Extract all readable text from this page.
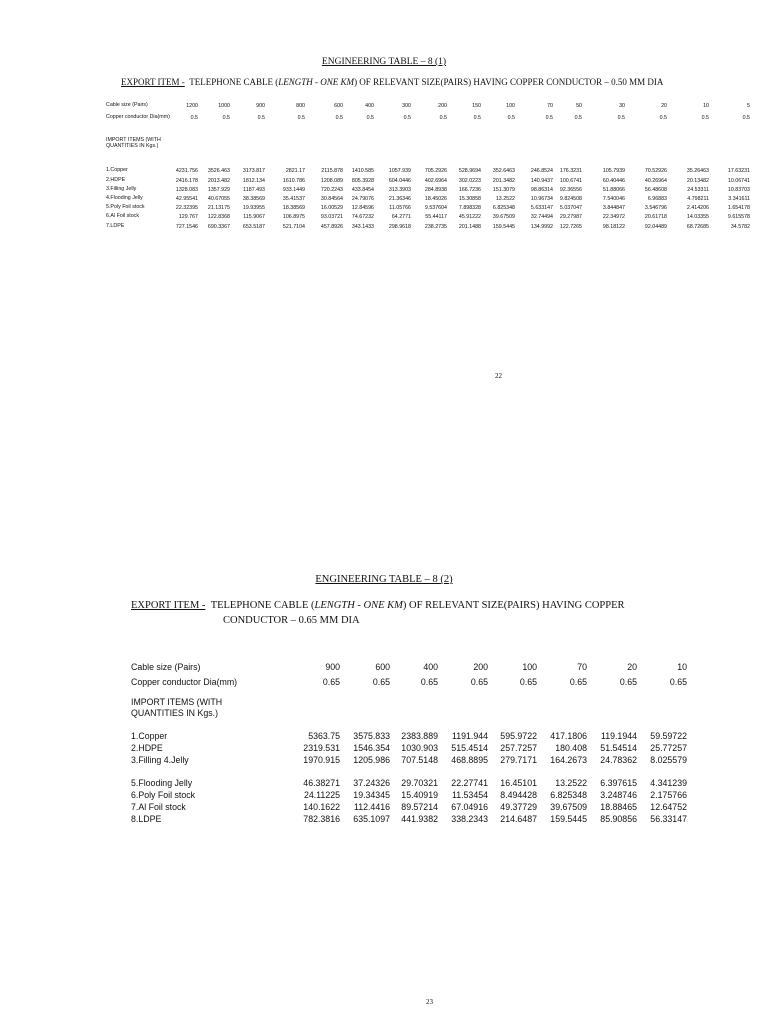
ENGINEERING TABLE – 8 (1)
EXPORT ITEM - TELEPHONE CABLE (LENGTH - ONE KM) OF RELEVANT SIZE(PAIRS) HAVING COPPER CONDUCTOR – 0.50 MM DIA
Cable size (Pairs)	1200	1000	900	800	600	400	300	200	150	100	70	50	30	20	10	5
Copper conductor Dia(mm)	0.5	0.5	0.5	0.5	0.5	0.5	0.5	0.5	0.5	0.5	0.5	0.5	0.5	0.5	0.5	0.5
IMPORT ITEMS (WITH QUANTITIES IN Kgs.)
1.Copper	4231.756	3526.463	3173.817	2821.17	2115.878	1410.585	1057.939	705.2926	528.9694	352.6463	246.8524	176.3231	105.7939	70.52926	35.26463	17.63231
2.HDPE	2416.178	2013.482	1812.134	1610.786	1208.089	805.3928	604.0446	402.6964	302.0223	201.3482	140.9437	100.6741	60.40446	40.26964	20.13482	10.06741
3.Filling Jelly	1328.083	1357.929	1187.493	933.1449	720.2243	433.8454	313.3903	284.8938	166.7236	151.3079	98.86314	92.36556	51.88066	56.48608	24.53311	10.83703
4.Flooding Jelly	42.95541	40.67055	38.38569	35.41537	30.84564	24.79076	21.36346	18.45026	15.30858	13.2522	10.96734	9.824508	7.540046	6.96883	4.798211	3.341611
5.Poly Foil stock	22.32395	21.13175	19.93955	18.38569	16.00529	12.84596	11.05766	9.537604	7.898328	6.825348	5.633147	5.037047	3.844847	3.546796	2.414206	1.654178
6.Al Foil stock	129.767	122.8368	115.9067	106.8975	93.03721	74.67232	64.2771	55.44117	45.91222	39.67509	32.74494	29.27987	22.34972	20.61718	14.03355	9.615578
7.LDPE	727.1546	690.3367	653.5187	521.7104	457.8926	343.1433	298.9618	238.2735	201.1488	159.5445	134.9992	122.7265	98.18122	92.04489	68.72685	34.5782
22
ENGINEERING TABLE – 8 (2)
EXPORT ITEM - TELEPHONE CABLE (LENGTH - ONE KM) OF RELEVANT SIZE(PAIRS) HAVING COPPER
CONDUCTOR – 0.65 MM DIA
Cable size (Pairs)	900	600	400	200	100	70	20	10
Copper conductor Dia(mm)	0.65	0.65	0.65	0.65	0.65	0.65	0.65	0.65
IMPORT ITEMS (WITH QUANTITIES IN Kgs.)
1.Copper	5363.75	3575.833	2383.889	1191.944	595.9722	417.1806	119.1944	59.59722
2.HDPE	2319.531	1546.354	1030.903	515.4514	257.7257	180.408	51.54514	25.77257
3.Filling 4.Jelly	1970.915	1205.986	707.5148	468.8895	279.7171	164.2673	24.78362	8.025579
5.Flooding Jelly	46.38271	37.24326	29.70321	22.27741	16.45101	13.2522	6.397615	4.341239
6.Poly Foil stock	24.11225	19.34345	15.40919	11.53454	8.494428	6.825348	3.248746	2.175766
7.Al Foil stock	140.1622	112.4416	89.57214	67.04916	49.37729	39.67509	18.88465	12.64752
8.LDPE	782.3816	635.1097	441.9382	338.2343	214.6487	159.5445	85.90856	56.33147
23
